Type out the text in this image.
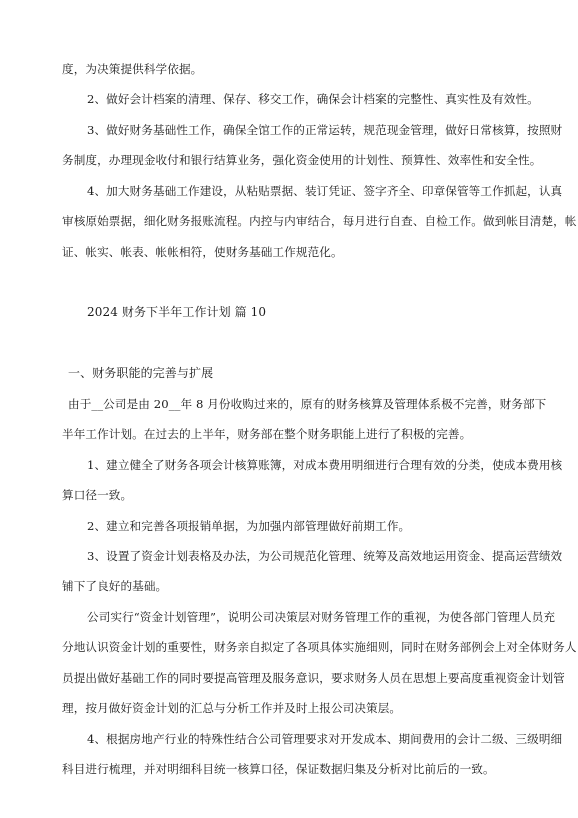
度，为决策提供科学依据。
2、做好会计档案的清理、保存、移交工作，确保会计档案的完整性、真实性及有效性。
3、做好财务基础性工作，确保全馆工作的正常运转，规范现金管理，做好日常核算，按照财
务制度，办理现金收付和银行结算业务，强化资金使用的计划性、预算性、效率性和安全性。
4、加大财务基础工作建设，从粘贴票据、装订凭证、签字齐全、印章保管等工作抓起，认真
审核原始票据，细化财务报账流程。内控与内审结合，每月进行自查、自检工作。做到帐目清楚，帐
证、帐实、帐表、帐帐相符，使财务基础工作规范化。
2024 财务下半年工作计划 篇 10
一、财务职能的完善与扩展
由于__公司是由 20__年 8 月份收购过来的，原有的财务核算及管理体系极不完善，财务部下
半年工作计划。在过去的上半年，财务部在整个财务职能上进行了积极的完善。
1、建立健全了财务各项会计核算账簿，对成本费用明细进行合理有效的分类，使成本费用核
算口径一致。
2、建立和完善各项报销单据，为加强内部管理做好前期工作。
3、设置了资金计划表格及办法，为公司规范化管理、统筹及高效地运用资金、提高运营绩效
铺下了良好的基础。
公司实行“资金计划管理”，说明公司决策层对财务管理工作的重视，为使各部门管理人员充
分地认识资金计划的重要性，财务亲自拟定了各项具体实施细则，同时在财务部例会上对全体财务人
员提出做好基础工作的同时要提高管理及服务意识，要求财务人员在思想上要高度重视资金计划管
理，按月做好资金计划的汇总与分析工作并及时上报公司决策层。
4、根据房地产行业的特殊性结合公司管理要求对开发成本、期间费用的会计二级、三级明细
科目进行梳理，并对明细科目统一核算口径，保证数据归集及分析对比前后的一致。
